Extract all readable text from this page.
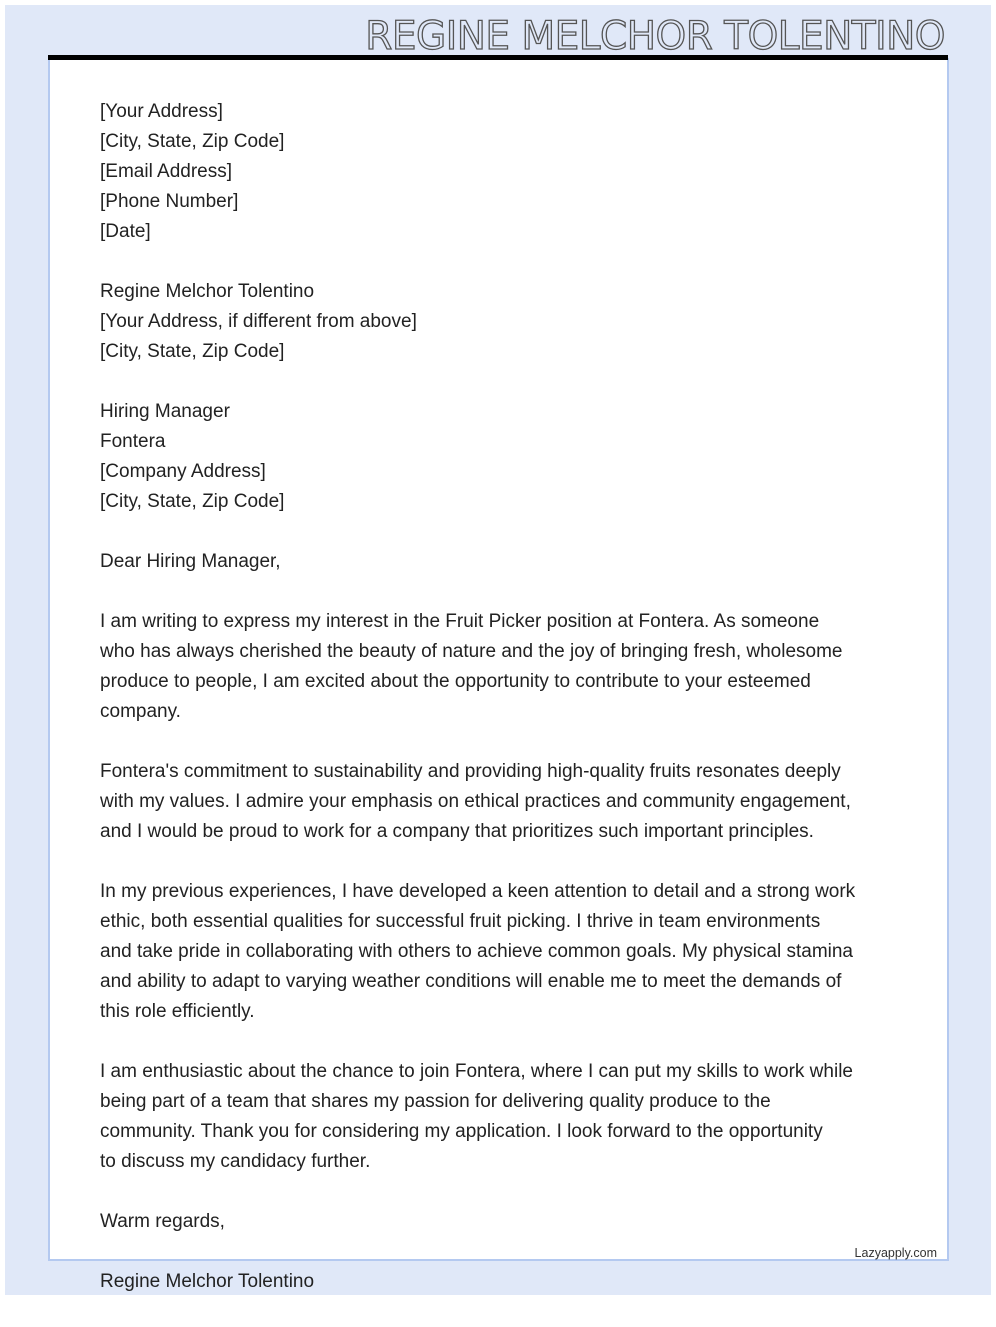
REGINE MELCHOR TOLENTINO
[Your Address]
[City, State, Zip Code]
[Email Address]
[Phone Number]
[Date]
Regine Melchor Tolentino
[Your Address, if different from above]
[City, State, Zip Code]
Hiring Manager
Fontera
[Company Address]
[City, State, Zip Code]
Dear Hiring Manager,
I am writing to express my interest in the Fruit Picker position at Fontera. As someone
who has always cherished the beauty of nature and the joy of bringing fresh, wholesome
produce to people, I am excited about the opportunity to contribute to your esteemed
company.
Fontera's commitment to sustainability and providing high-quality fruits resonates deeply
with my values. I admire your emphasis on ethical practices and community engagement,
and I would be proud to work for a company that prioritizes such important principles.
In my previous experiences, I have developed a keen attention to detail and a strong work
ethic, both essential qualities for successful fruit picking. I thrive in team environments
and take pride in collaborating with others to achieve common goals. My physical stamina
and ability to adapt to varying weather conditions will enable me to meet the demands of
this role efficiently.
I am enthusiastic about the chance to join Fontera, where I can put my skills to work while
being part of a team that shares my passion for delivering quality produce to the
community. Thank you for considering my application. I look forward to the opportunity
to discuss my candidacy further.
Warm regards,
Regine Melchor Tolentino
Lazyapply.com
